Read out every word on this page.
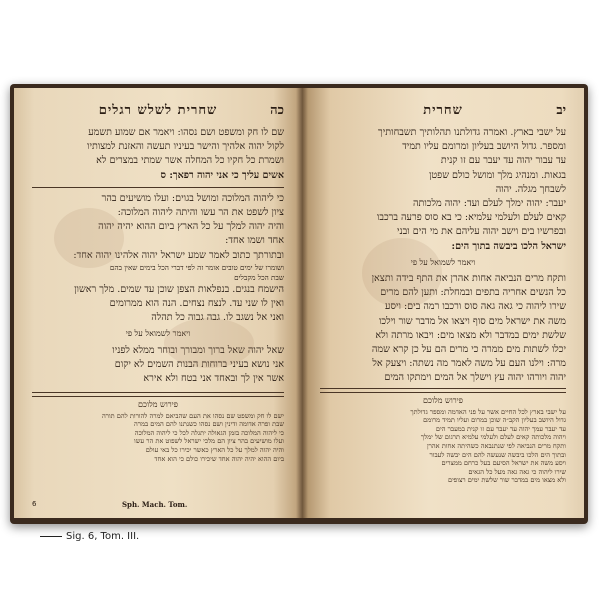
כה
שחרית לשלש רגלים
שם לו חק ומשפט ושם נסהו: ויאמר אם שמוע תשמע
לקול יהוה אלהיך והישר בעיניו תעשה והאזנת למצותיו
ושמרת כל חקיו כל המחלה אשר שמתי במצרים לא
אשים עליך כי אני יהוה רפאך: ס
כי ליהוה המלוכה ומושל בגוים: ועלו מושיעים בהר
ציון לשפט את הר עשו והיתה ליהוה המלוכה:
והיה יהוה למלך על כל הארץ ביום ההוא יהיה יהוה
אחד ושמו אחד:
ובתורתך כתוב לאמר שמע ישראל יהוה אלהינו יהוה אחד:
ושומרו של ימים טובים אומר זה לפי דברי הכל בימים שאין בהם
שבת הכל מקבלים
הישמח בנגים. בנפלאות הצפן שוכן עד שמים. מלך ראשון
ואין לו שני עד. לנצח נצחים. הנה הוא ממרומים
ואני אל נשגב לו. גבה גבוה כל תהלה
ויאמר לשמואל על פי
שאל יהוה שאל ברוך ומבורך ובוחר ממלא לפניו
אני נושא בעיני ברוחות הבנות השמים לא יקום
אשר אין לך ובאחד אני בטח ולא אירא
פירוש מלוכם
ישם לו חק ומשפט שם נסהו את העם שהביאם למרה להורות להם תורה
שבת ופרה אדומה ודינין ושם נסהו כשנתנו להם המים במרה
כי ליהוה המלוכה בזמן הגאולה יתגלה לכל כי ליהוה המלוכה
ועלו מושיעים בהר ציון הם מלכי ישראל לשפוט את הר עשו
והיה יהוה למלך על כל הארץ כאשר יכירו כל באי עולם
ביום ההוא יהיה יהוה אחד שיכירו כולם כי הוא אחד
6	Sph. Mach. Tom.
יב
שחרית
על ישבי בארץ. ואמרה גדולתנו תהלותיך תשבחותיך
ומספר. גדול היושב בעליון ומרומם עליו תמיד
עד עבור יהוה עד יעבר עם זו קנית
בגאות. ומנהיג מלך ומושל כולם שפטן
לשבחך מגלה. יהוה
יעבר: יהוה ימלך לעלם ועד: יהוה מלכותה
קאים לעלם ולעלמי עלמיא: כי בא סוס פרעה ברכבו
ובפרשיו בים וישב יהוה עליהם את מי הים ובני
ישראל הלכו ביבשה בתוך הים:
ויאמר לשמואל על פי
ותקח מרים הנביאה אחות אהרן את התף בידה ותצאן
כל הנשים אחריה בתפים ובמחלת: ותען להם מרים
שירו ליהוה כי גאה גאה סוס ורכבו רמה בים: ויסע
משה את ישראל מים סוף ויצאו אל מדבר שור וילכו
שלשת ימים במדבר ולא מצאו מים: ויבאו מרתה ולא
יכלו לשתות מים ממרה כי מרים הם על כן קרא שמה
מרה: וילנו העם על משה לאמר מה נשתה: ויצעק אל
יהוה ויורהו יהוה עץ וישלך אל המים וימתקו המים
פירוש מלוכם
על ישבי בארץ לכל החיים אשר על פני האדמה ומספר גדולתך
גדול היושב בעליון הקב״ה שוכן במרום ועליו תמיד מרומם
עד יעבר עמך יהוה עד יעבר עם זו קנית במעבר הים
ויהוה מלכותה קאים לעלם ולעלמי עלמיא תרגום של ימלך
ותקח מרים הנביאה לפי שנתנבאה כשהיתה אחות אהרן
ובתוך הים הלכו ביבשה שנעשה להם הים יבשה לעבור
ויסע משה את ישראל הסיעם בעל כרחם ממצרים
שירו ליהוה כי גאה גאה מעל כל הגאים
ולא מצאו מים במדבר שור שלשת ימים רצופים
Sig. 6, Tom. III.
